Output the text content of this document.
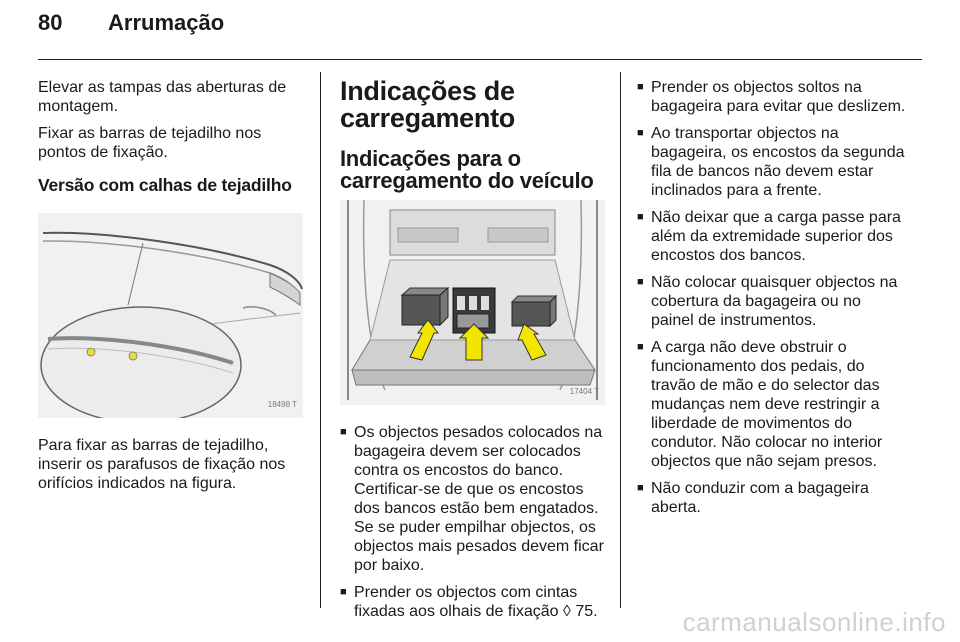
80 Arrumação

Elevar as tampas das aberturas de montagem.

Fixar as barras de tejadilho nos pontos de fixação.

Versão com calhas de tejadilho
18498 T

Para fixar as barras de tejadilho, inserir os parafusos de fixação nos orifícios indicados na figura.

Indicações de carregamento
Indicações para o carregamento do veículo
17404 T
■ Os objectos pesados colocados na bagageira devem ser colocados contra os encostos do banco. Certificar-se de que os encostos dos bancos estão bem engatados. Se se puder empilhar objectos, os objectos mais pesados devem ficar por baixo.
■ Prender os objectos com cintas fixadas aos olhais de fixação ◊ 75.
■ Prender os objectos soltos na bagageira para evitar que deslizem.
■ Ao transportar objectos na bagageira, os encostos da segunda fila de bancos não devem estar inclinados para a frente.
■ Não deixar que a carga passe para além da extremidade superior dos encostos dos bancos.
■ Não colocar quaisquer objectos na cobertura da bagageira ou no painel de instrumentos.
■ A carga não deve obstruir o funcionamento dos pedais, do travão de mão e do selector das mudanças nem deve restringir a liberdade de movimentos do condutor. Não colocar no interior objectos que não sejam presos.
■ Não conduzir com a bagageira aberta.
carmanualsonline.info
